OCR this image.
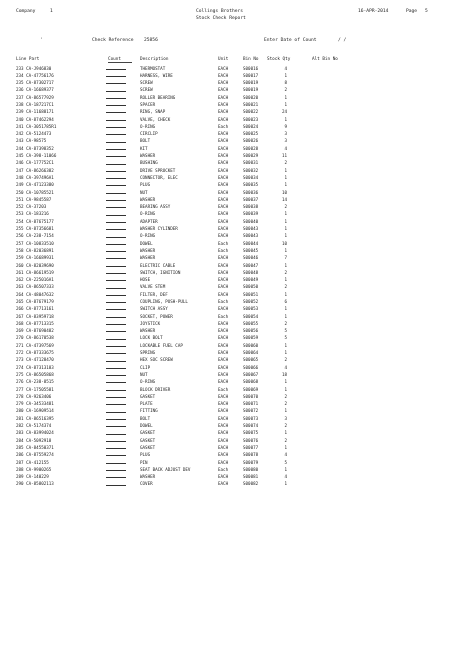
Company	1	Collings Brothers
Stock Check Report
16-APR-2014	Page 5
'	Check Reference 25856	Enter Date of Count	/ /
Line Part	Count	Description	Unit	Bin No Stock Qty	Alt Bin No
233 CA-J946830	THERMOSTAT	EACH	S00016	4
234 CA-47756176	HARNESS, WIRE	EACH	S00017	1
235 CA-87302717	SCREW	EACH	S00019	8
236 CA-16689377	SCREW	EACH	S00019	2
237 CA-86577929	ROLLER BEARING	EACH	S00020	1
238 CA-187217C1	SPACER	EACH	S00021	1
239 CA-11688171	RING, SNAP	EACH	S00022	24
240 CA-87462294	VALVE, CHECK	EACH	S00023	1
241 CA-3051785R1	O-RING	Each	S00024	9
242 CA-5124473	CIRCLIP	EACH	S00025	3
243 CA-98575	BOLT	EACH	S00026	3
244 CA-87398352	KIT	EACH	S00028	4
245 CA-398-11066	WASHER	EACH	S00029	11
246 CA-177752C1	BUSHING	EACH	S00031	2
247 CA-86266382	DRIVE SPROCKET	EACH	S00032	1
248 CA-397496A1	CONNECTOR, ELEC	EACH	S00034	1
249 CA-47123380	PLUG	EACH	S00035	1
250 CA-10785521	NUT	EACH	S00036	10
251 CA-9845587	WASHER	EACH	S00037	14
252 CA-37203	BEARING ASSY	EACH	S00038	2
253 CA-183216	O-RING	EACH	S00039	1
254 CA-87675177	ADAPTER	EACH	S00040	1
255 CA-87356681	WASHER CYLINDER	EACH	S00043	1
256 CA-238-7154	O-RING	EACH	S00043	1
257 CA-10833510	DOWEL	Each	S00044	10
258 CA-82036891	WASHER	Each	S00045	1
259 CA-16689931	WASHER	EACH	S00046	7
260 CA-82039690	ELECTRIC CABLE	EACH	S00047	1
261 CA-86619519	SWITCH, IGNITION	EACH	S00048	2
262 CA-225016A1	HOSE	EACH	S00049	1
263 CA-86507333	VALVE STEM	EACH	S00050	2
264 CA-48047632	FILTER, DEF	EACH	S00051	1
265 CA-87679179	COUPLING, PUSH-PULL	Each	S00052	6
266 CA-87713161	SWITCH ASSY	EACH	S00053	1
267 CA-83959718	SOCKET, POWER	Each	S00054	1
268 CA-87713315	JOYSTICK	EACH	S00055	2
269 CA-87690482	WASHER	EACH	S00056	5
270 CA-86170538	LOCK BOLT	EACH	S00059	5
271 CA-47397569	LOCKABLE FUEL CAP	EACH	S00060	1
272 CA-87333675	SPRING	EACH	S00064	1
273 CA-47128470	HEX SOC SCREW	EACH	S00065	2
274 CA-87313183	CLIP	EACH	S00066	4
275 CA-86505868	NUT	EACH	S00067	18
276 CA-238-8515	O-RING	EACH	S00068	1
277 CA-17505581	BLOCK DRIVER	Each	S00069	1
278 CA-9263406	GASKET	EACH	S00070	2
279 CA-34533481	PLATE	EACH	S00071	2
280 CA-16909514	FITTING	EACH	S00072	1
281 CA-86516395	BOLT	EACH	S00073	3
282 CA-5174374	DOWEL	EACH	S00074	2
283 CA-83994024	GASKET	EACH	S00075	1
284 CA-5092918	GASKET	EACH	S00076	2
285 CA-84550371	GASKET	EACH	S00077	1
286 CA-87559274	PLUG	EACH	S00078	4
287 CA-412155	PIN	EACH	S00079	5
288 CA-9900265	SEAT BACK ADJUST DEV	Each	S00080	1
289 CA-140229	WASHER	EACH	S00081	4
290 CA-85802113	COVER	EACH	S00082	1
